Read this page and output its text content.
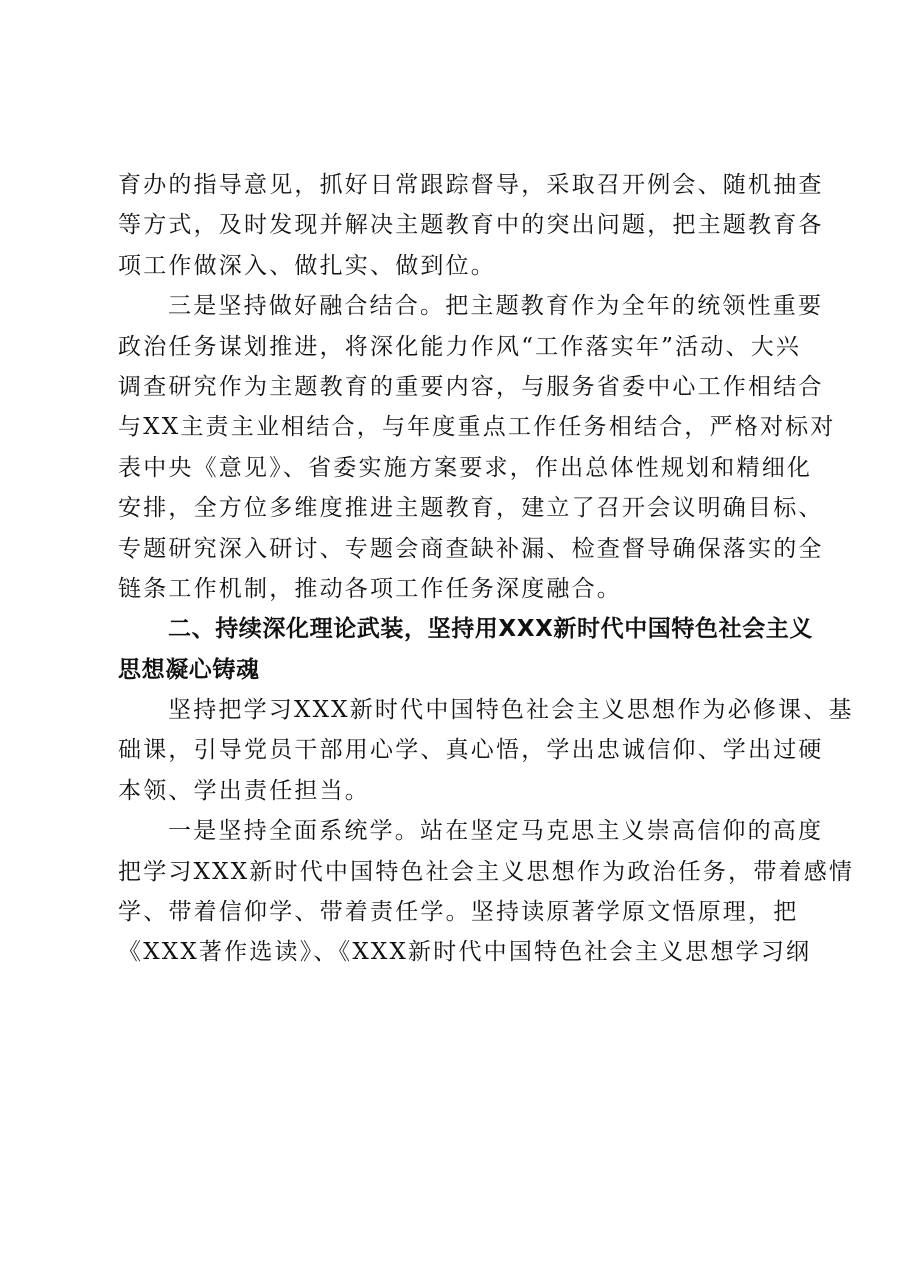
育办的指导意见，抓好日常跟踪督导，采取召开例会、随机抽查
等方式，及时发现并解决主题教育中的突出问题，把主题教育各
项工作做深入、做扎实、做到位。
三是坚持做好融合结合。把主题教育作为全年的统领性重要
政治任务谋划推进，将深化能力作风“工作落实年”活动、大兴
调查研究作为主题教育的重要内容，与服务省委中心工作相结合
与XX主责主业相结合，与年度重点工作任务相结合，严格对标对
表中央《意见》、省委实施方案要求，作出总体性规划和精细化
安排，全方位多维度推进主题教育，建立了召开会议明确目标、
专题研究深入研讨、专题会商查缺补漏、检查督导确保落实的全
链条工作机制，推动各项工作任务深度融合。
二、持续深化理论武装，坚持用XXX新时代中国特色社会主义
思想凝心铸魂
坚持把学习XXX新时代中国特色社会主义思想作为必修课、基
础课，引导党员干部用心学、真心悟，学出忠诚信仰、学出过硬
本领、学出责任担当。
一是坚持全面系统学。站在坚定马克思主义崇高信仰的高度
把学习XXX新时代中国特色社会主义思想作为政治任务，带着感情
学、带着信仰学、带着责任学。坚持读原著学原文悟原理，把
《XXX著作选读》、《XXX新时代中国特色社会主义思想学习纲
